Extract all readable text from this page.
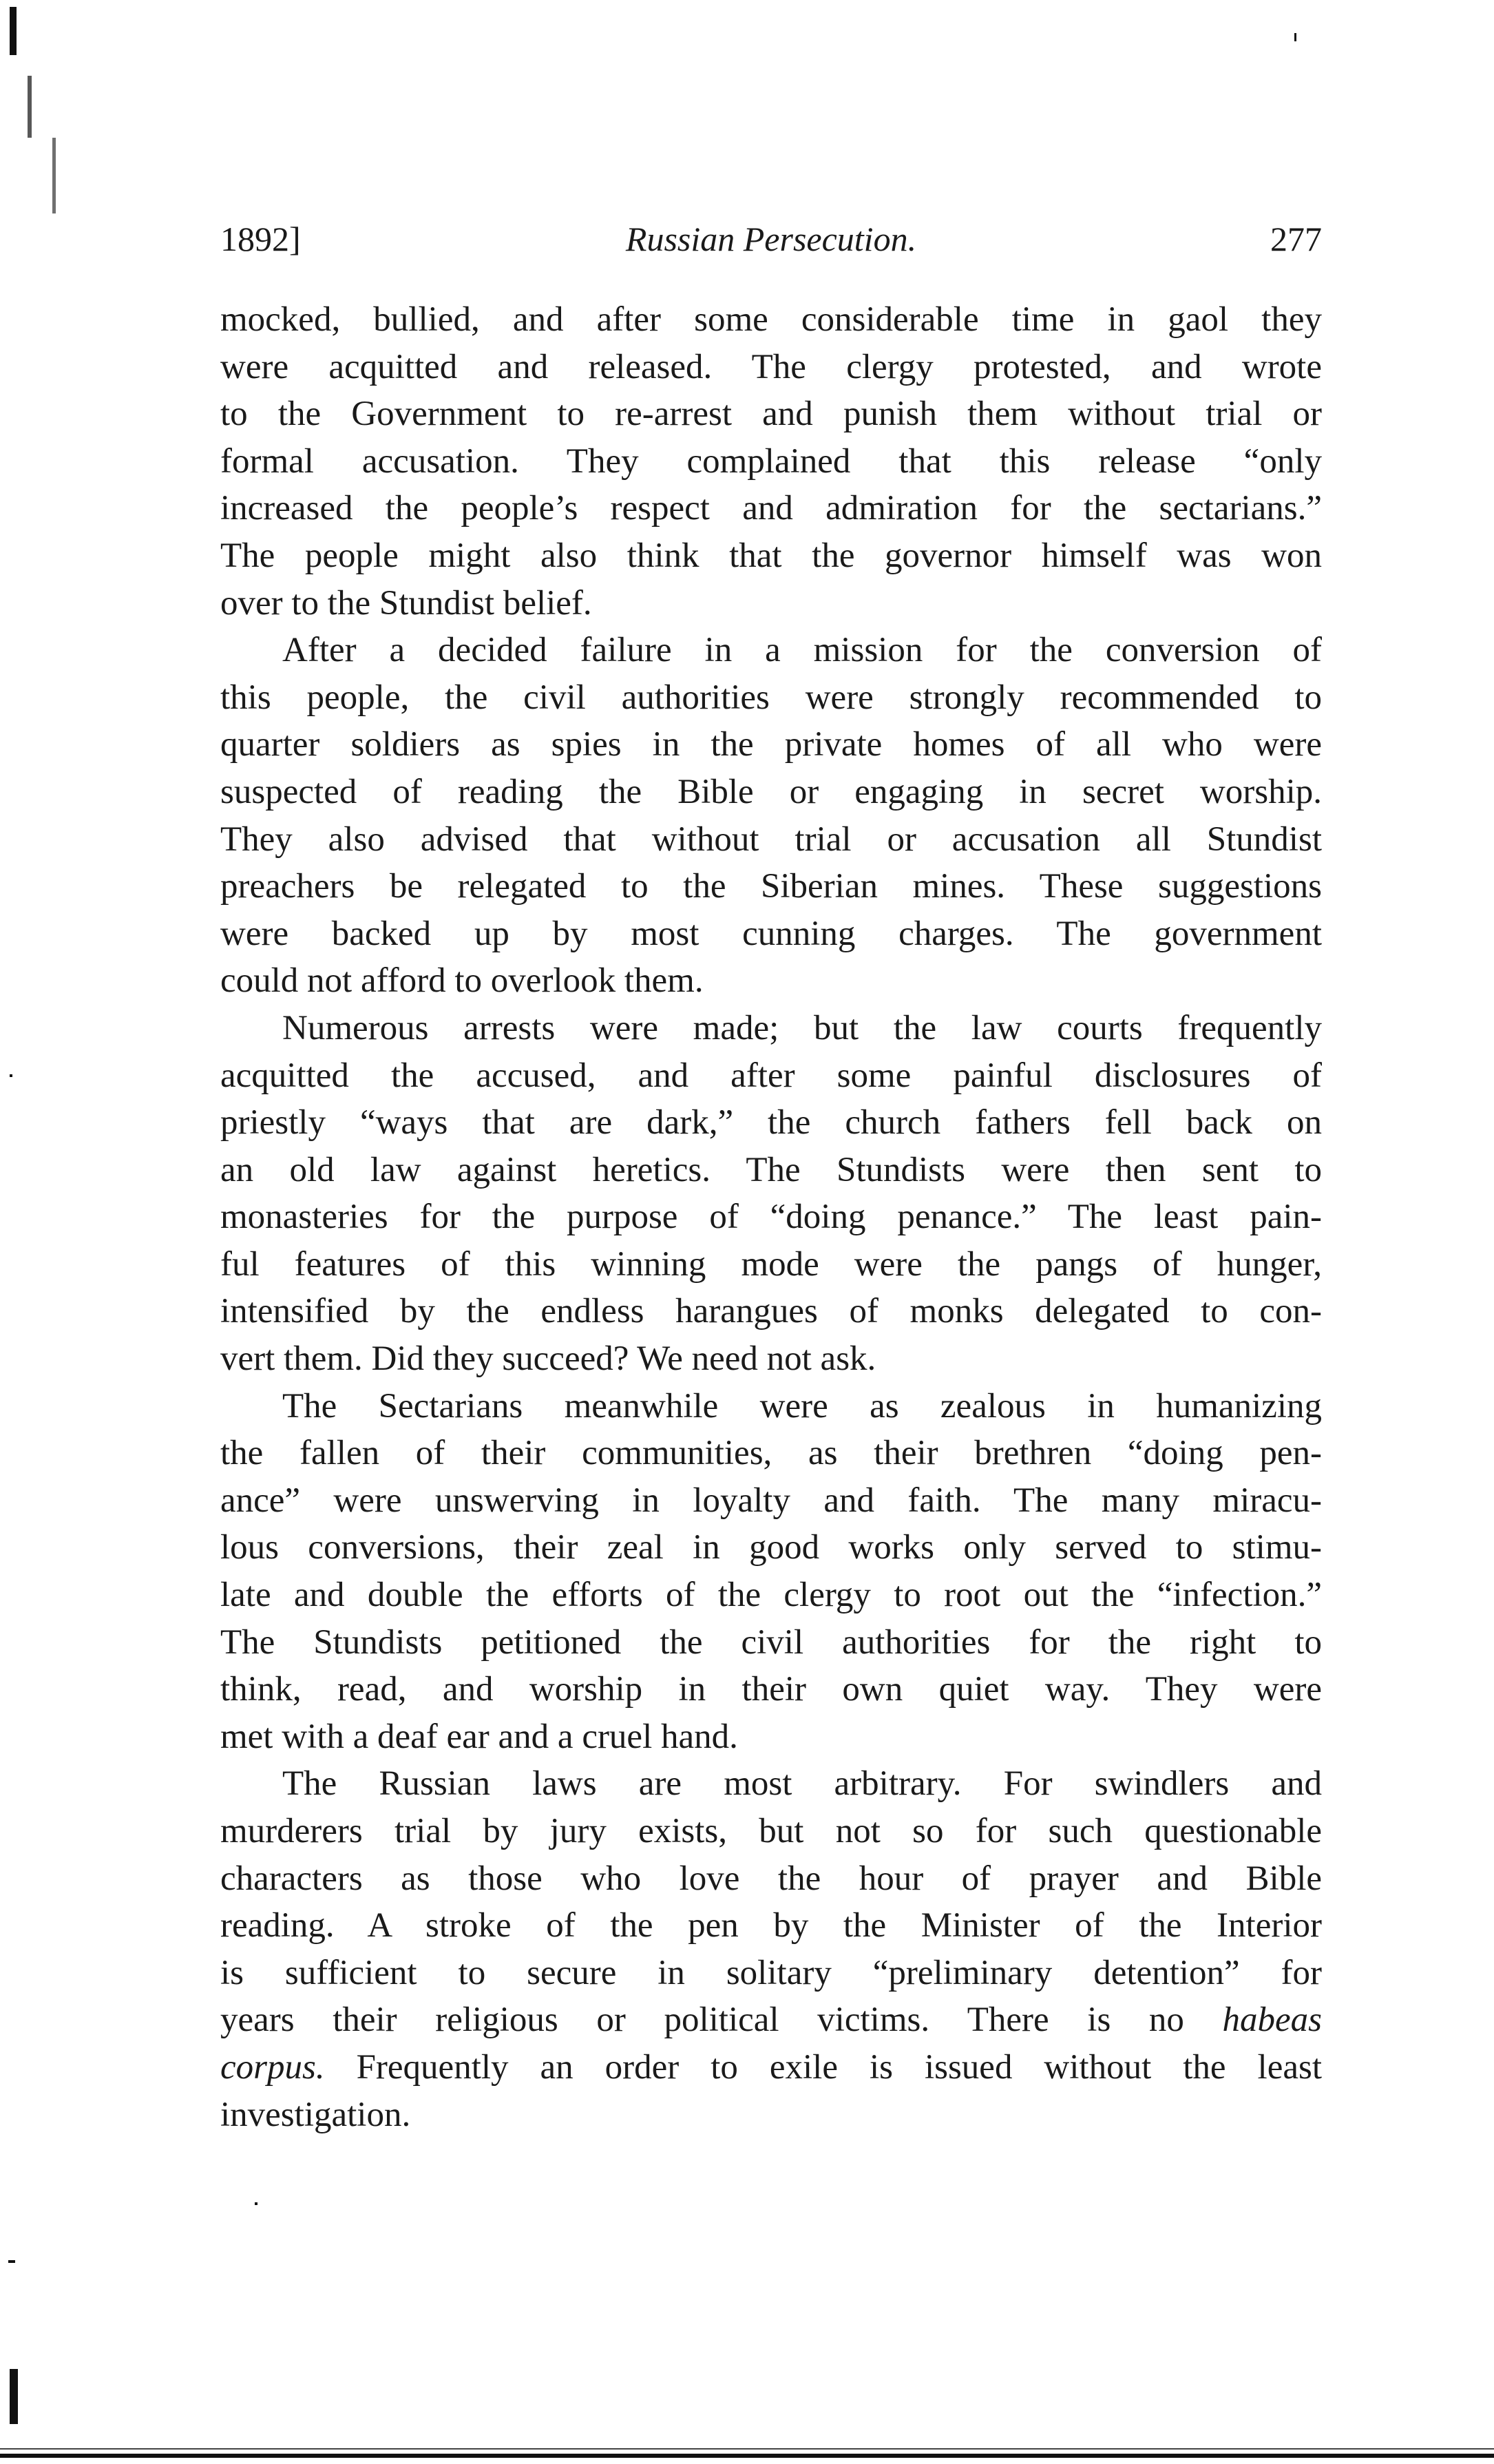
1892]	Russian Persecution.	277
mocked, bullied, and after some considerable time in gaol they
were acquitted and released. The clergy protested, and wrote
to the Government to re-arrest and punish them without trial or
formal accusation. They complained that this release “only
increased the people’s respect and admiration for the sectarians.”
The people might also think that the governor himself was won
over to the Stundist belief.
After a decided failure in a mission for the conversion of
this people, the civil authorities were strongly recommended to
quarter soldiers as spies in the private homes of all who were
suspected of reading the Bible or engaging in secret worship.
They also advised that without trial or accusation all Stundist
preachers be relegated to the Siberian mines. These suggestions
were backed up by most cunning charges. The government
could not afford to overlook them.
Numerous arrests were made; but the law courts frequently
acquitted the accused, and after some painful disclosures of
priestly “ways that are dark,” the church fathers fell back on
an old law against heretics. The Stundists were then sent to
monasteries for the purpose of “doing penance.” The least pain-
ful features of this winning mode were the pangs of hunger,
intensified by the endless harangues of monks delegated to con-
vert them. Did they succeed? We need not ask.
The Sectarians meanwhile were as zealous in humanizing
the fallen of their communities, as their brethren “doing pen-
ance” were unswerving in loyalty and faith. The many miracu-
lous conversions, their zeal in good works only served to stimu-
late and double the efforts of the clergy to root out the “infection.”
The Stundists petitioned the civil authorities for the right to
think, read, and worship in their own quiet way. They were
met with a deaf ear and a cruel hand.
The Russian laws are most arbitrary. For swindlers and
murderers trial by jury exists, but not so for such questionable
characters as those who love the hour of prayer and Bible
reading. A stroke of the pen by the Minister of the Interior
is sufficient to secure in solitary “preliminary detention” for
years their religious or political victims. There is no habeas
corpus. Frequently an order to exile is issued without the least
investigation.
